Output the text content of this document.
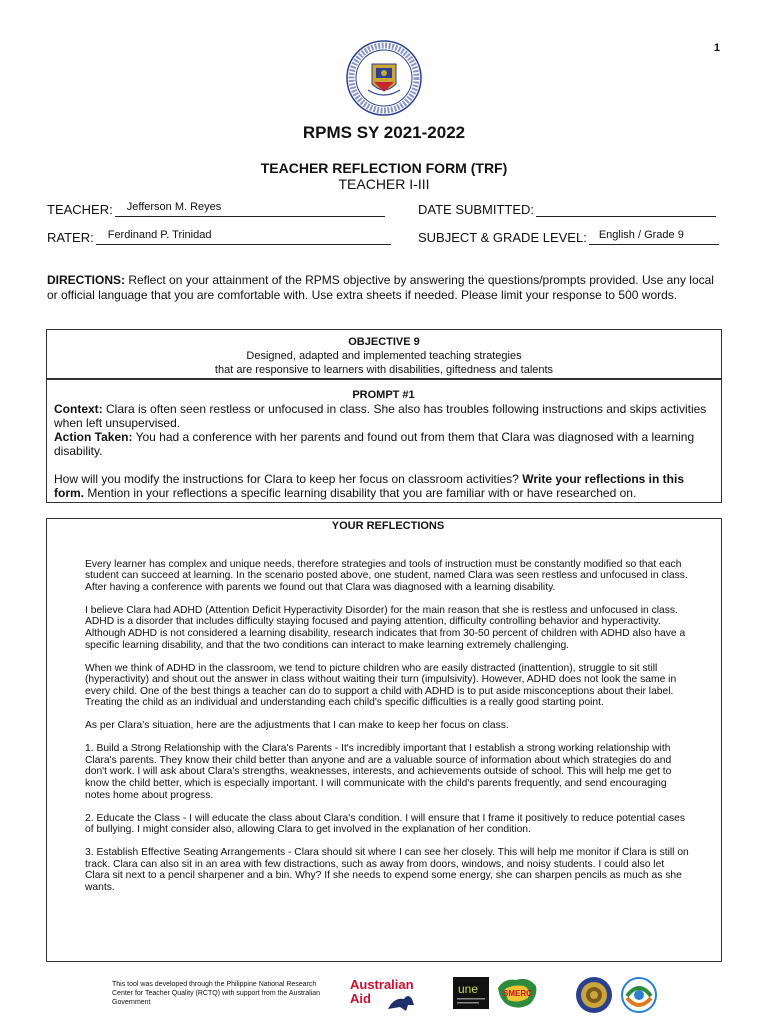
1
RPMS SY 2021-2022
TEACHER REFLECTION FORM (TRF)
TEACHER I-III
TEACHER: Jefferson M. Reyes	DATE SUBMITTED:
RATER: Ferdinand P. Trinidad	SUBJECT & GRADE LEVEL: English / Grade 9
DIRECTIONS: Reflect on your attainment of the RPMS objective by answering the questions/prompts provided. Use any local or official language that you are comfortable with. Use extra sheets if needed. Please limit your response to 500 words.
OBJECTIVE 9
Designed, adapted and implemented teaching strategies
that are responsive to learners with disabilities, giftedness and talents
PROMPT #1

Context: Clara is often seen restless or unfocused in class. She also has troubles following instructions and skips activities when left unsupervised.

Action Taken: You had a conference with her parents and found out from them that Clara was diagnosed with a learning disability.

How will you modify the instructions for Clara to keep her focus on classroom activities? Write your reflections in this form. Mention in your reflections a specific learning disability that you are familiar with or have researched on.

YOUR REFLECTIONS

Every learner has complex and unique needs, therefore strategies and tools of instruction must be constantly modified so that each student can succeed at learning. In the scenario posted above, one student, named Clara was seen restless and unfocused in class. After having a conference with parents we found out that Clara was diagnosed with a learning disability.

I believe Clara had ADHD (Attention Deficit Hyperactivity Disorder) for the main reason that she is restless and unfocused in class. ADHD is a disorder that includes difficulty staying focused and paying attention, difficulty controlling behavior and hyperactivity. Although ADHD is not considered a learning disability, research indicates that from 30-50 percent of children with ADHD also have a specific learning disability, and that the two conditions can interact to make learning extremely challenging.

When we think of ADHD in the classroom, we tend to picture children who are easily distracted (inattention), struggle to sit still (hyperactivity) and shout out the answer in class without waiting their turn (impulsivity). However, ADHD does not look the same in every child. One of the best things a teacher can do to support a child with ADHD is to put aside misconceptions about their label. Treating the child as an individual and understanding each child's specific difficulties is a really good starting point.

As per Clara's situation, here are the adjustments that I can make to keep her focus on class.

1. Build a Strong Relationship with the Clara's Parents - It's incredibly important that I establish a strong working relationship with Clara's parents. They know their child better than anyone and are a valuable source of information about which strategies do and don't work. I will ask about Clara's strengths, weaknesses, interests, and achievements outside of school. This will help me get to know the child better, which is especially important. I will communicate with the child's parents frequently, and send encouraging notes home about progress.

2. Educate the Class - I will educate the class about Clara's condition. I will ensure that I frame it positively to reduce potential cases of bullying. I might consider also, allowing Clara to get involved in the explanation of her condition.

3. Establish Effective Seating Arrangements - Clara should sit where I can see her closely. This will help me monitor if Clara is still on track. Clara can also sit in an area with few distractions, such as away from doors, windows, and noisy students. I could also let Clara sit next to a pencil sharpener and a bin. Why? If she needs to expend some energy, she can sharpen pencils as much as she wants.

This tool was developed through the Philippine National Research Center for Teacher Quality (RCTQ) with support from the Australian Government
Australian
Aid
une	SMERC
